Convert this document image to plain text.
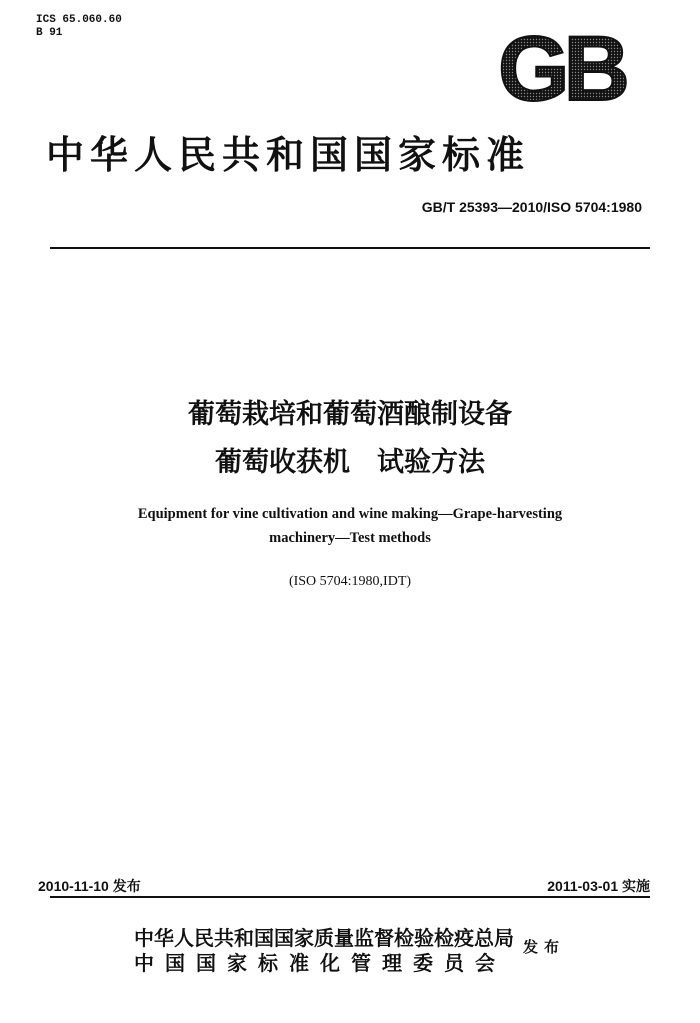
ICS 65.060.60
B 91	GB
中华人民共和国国家标准
GB/T 25393—2010/ISO 5704:1980
葡萄栽培和葡萄酒酿制设备
葡萄收获机　试验方法
Equipment for vine cultivation and wine making—Grape-harvesting
machinery—Test methods
(ISO 5704:1980,IDT)
2010-11-10 发布	2011-03-01 实施
中华人民共和国国家质量监督检验检疫总局
中国国家标准化管理委员会
发布
